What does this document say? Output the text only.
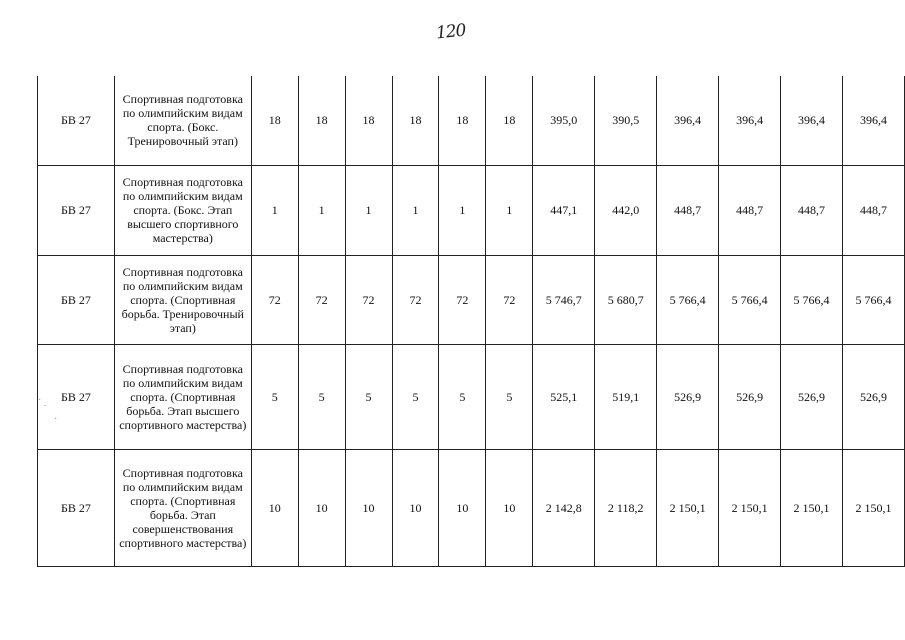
120
˙ .
·
БВ 27	Спортивная подготовка по олимпийским видам спорта. (Бокс. Тренировочный этап)	18	18	18	18	18	18	395,0	390,5	396,4	396,4	396,4	396,4
БВ 27	Спортивная подготовка по олимпийским видам спорта. (Бокс. Этап высшего спортивного мастерства)	1	1	1	1	1	1	447,1	442,0	448,7	448,7	448,7	448,7
БВ 27	Спортивная подготовка по олимпийским видам спорта. (Спортивная борьба. Тренировочный этап)	72	72	72	72	72	72	5 746,7	5 680,7	5 766,4	5 766,4	5 766,4	5 766,4
БВ 27	Спортивная подготовка по олимпийским видам спорта. (Спортивная борьба. Этап высшего спортивного мастерства)	5	5	5	5	5	5	525,1	519,1	526,9	526,9	526,9	526,9
БВ 27	Спортивная подготовка по олимпийским видам спорта. (Спортивная борьба. Этап совершенствования спортивного мастерства)	10	10	10	10	10	10	2 142,8	2 118,2	2 150,1	2 150,1	2 150,1	2 150,1
